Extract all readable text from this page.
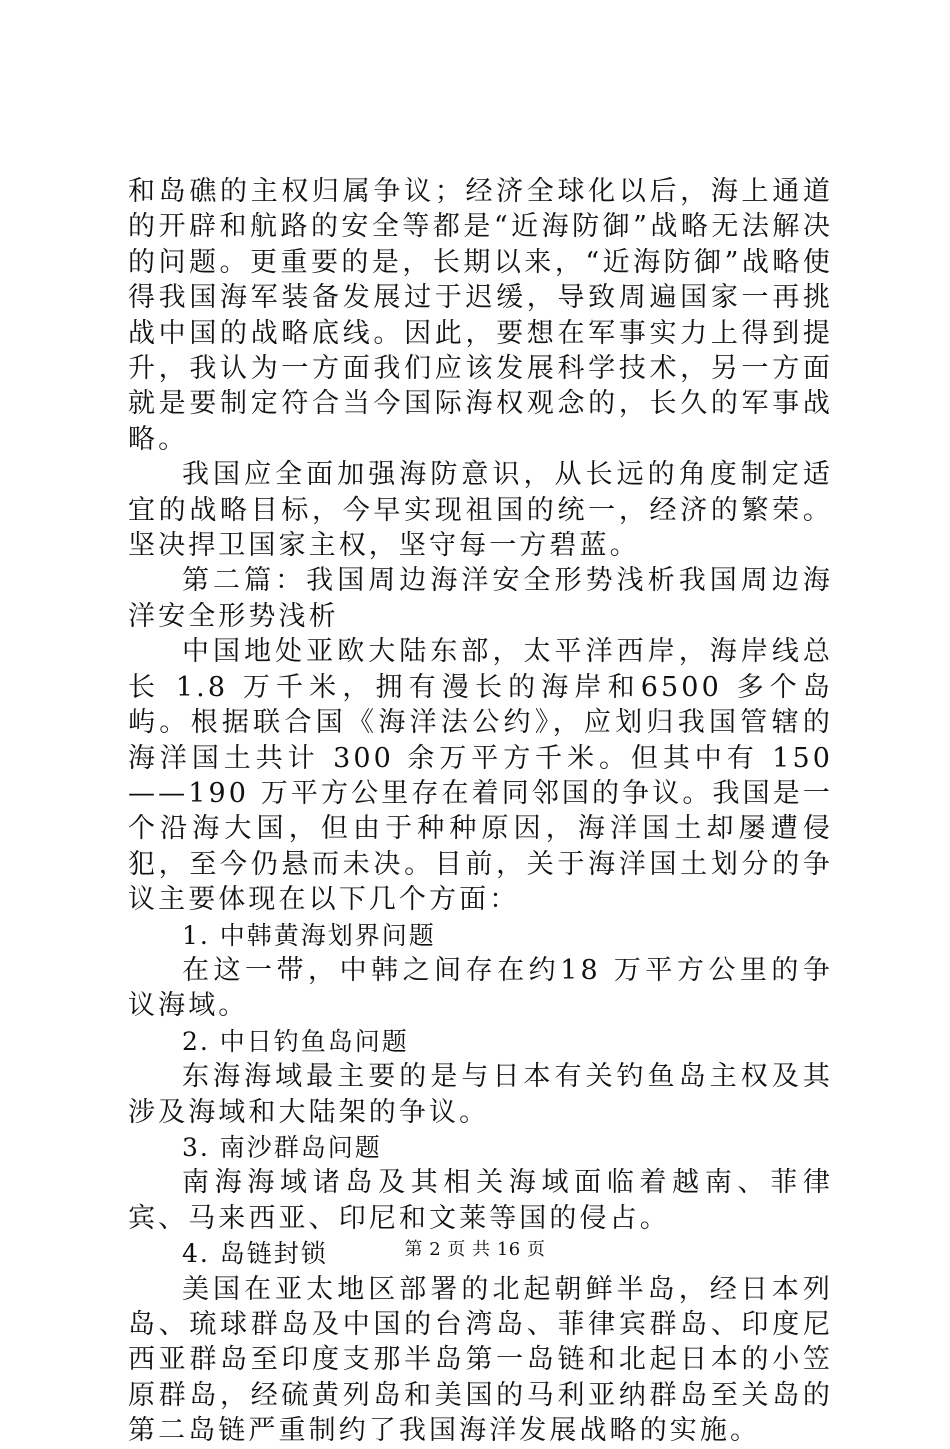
和岛礁的主权归属争议；经济全球化以后，海上通道的开辟和航路的安全等都是“近海防御”战略无法解决的问题。更重要的是，长期以来，“近海防御”战略使得我国海军装备发展过于迟缓，导致周遍国家一再挑战中国的战略底线。因此，要想在军事实力上得到提升，我认为一方面我们应该发展科学技术，另一方面就是要制定符合当今国际海权观念的，长久的军事战略。

我国应全面加强海防意识，从长远的角度制定适宜的战略目标，今早实现祖国的统一，经济的繁荣。坚决捍卫国家主权，坚守每一方碧蓝。

第二篇：我国周边海洋安全形势浅析我国周边海洋安全形势浅析

中国地处亚欧大陆东部，太平洋西岸，海岸线总长 1.8 万千米，拥有漫长的海岸和6500 多个岛屿。根据联合国《海洋法公约》，应划归我国管辖的海洋国土共计 300 余万平方千米。但其中有 150——190 万平方公里存在着同邻国的争议。我国是一个沿海大国，但由于种种原因，海洋国土却屡遭侵犯，至今仍悬而未决。目前，关于海洋国土划分的争议主要体现在以下几个方面：

1. 中韩黄海划界问题

在这一带，中韩之间存在约18 万平方公里的争议海域。

2. 中日钓鱼岛问题

东海海域最主要的是与日本有关钓鱼岛主权及其涉及海域和大陆架的争议。

3. 南沙群岛问题

南海海域诸岛及其相关海域面临着越南、菲律宾、马来西亚、印尼和文莱等国的侵占。

4. 岛链封锁

美国在亚太地区部署的北起朝鲜半岛，经日本列岛、琉球群岛及中国的台湾岛、菲律宾群岛、印度尼西亚群岛至印度支那半岛第一岛链和北起日本的小笠原群岛，经硫黄列岛和美国的马利亚纳群岛至关岛的第二岛链严重制约了我国海洋发展战略的实施。

第 2 页 共 16 页
